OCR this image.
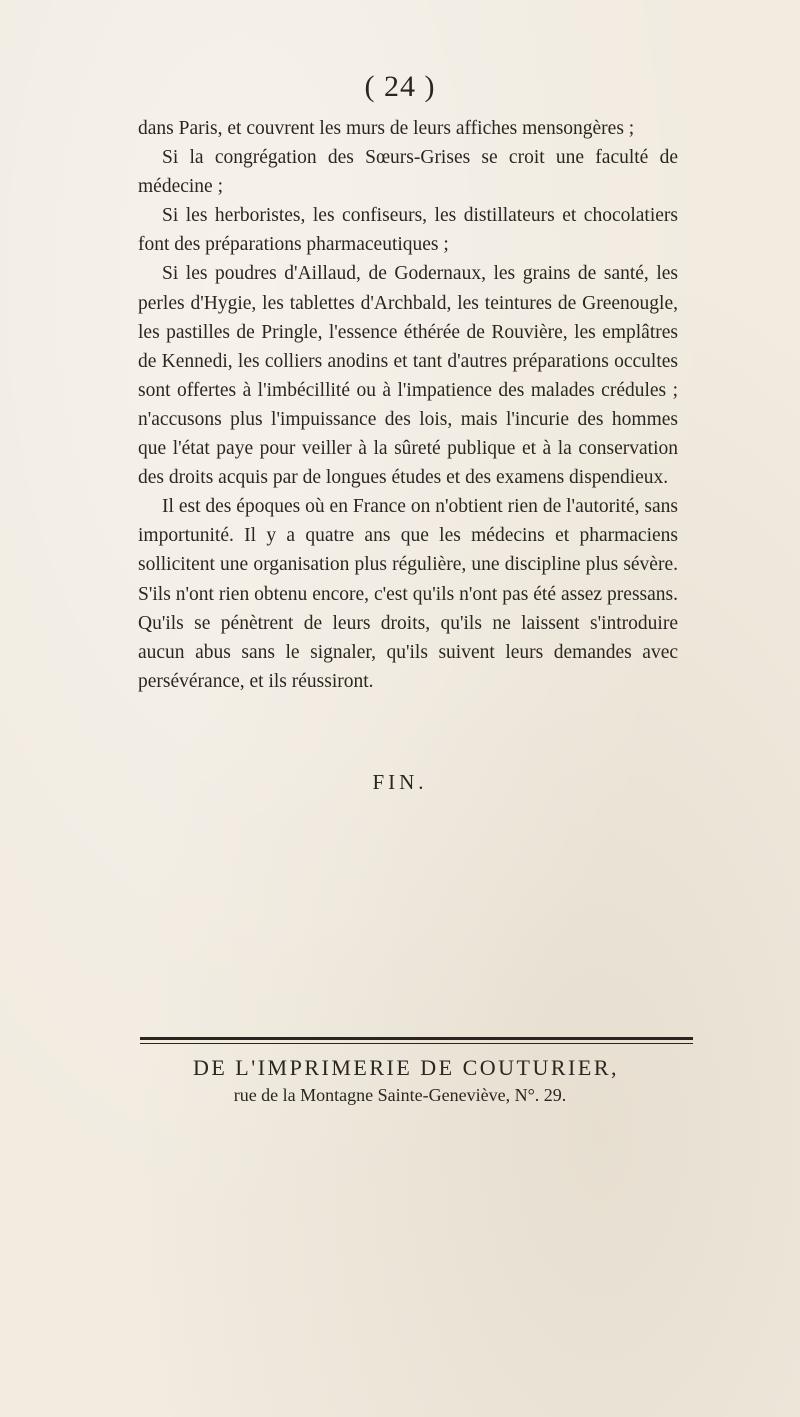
( 24 )

dans Paris, et couvrent les murs de leurs affiches mensongères ;

Si la congrégation des Sœurs-Grises se croit une faculté de médecine ;

Si les herboristes, les confiseurs, les distillateurs et chocolatiers font des préparations pharmaceutiques ;

Si les poudres d'Aillaud, de Godernaux, les grains de santé, les perles d'Hygie, les tablettes d'Archbald, les teintures de Greenougle, les pastilles de Pringle, l'essence éthérée de Rouvière, les emplâtres de Kennedi, les colliers anodins et tant d'autres préparations occultes sont offertes à l'imbécillité ou à l'impatience des malades crédules ; n'accusons plus l'impuissance des lois, mais l'incurie des hommes que l'état paye pour veiller à la sûreté publique et à la conservation des droits acquis par de longues études et des examens dispendieux.

Il est des époques où en France on n'obtient rien de l'autorité, sans importunité. Il y a quatre ans que les médecins et pharmaciens sollicitent une organisation plus régulière, une discipline plus sévère. S'ils n'ont rien obtenu encore, c'est qu'ils n'ont pas été assez pressans. Qu'ils se pénètrent de leurs droits, qu'ils ne laissent s'introduire aucun abus sans le signaler, qu'ils suivent leurs demandes avec persévérance, et ils réussiront.

FIN.
DE L'IMPRIMERIE DE COUTURIER,
rue de la Montagne Sainte-Geneviève, N°. 29.
